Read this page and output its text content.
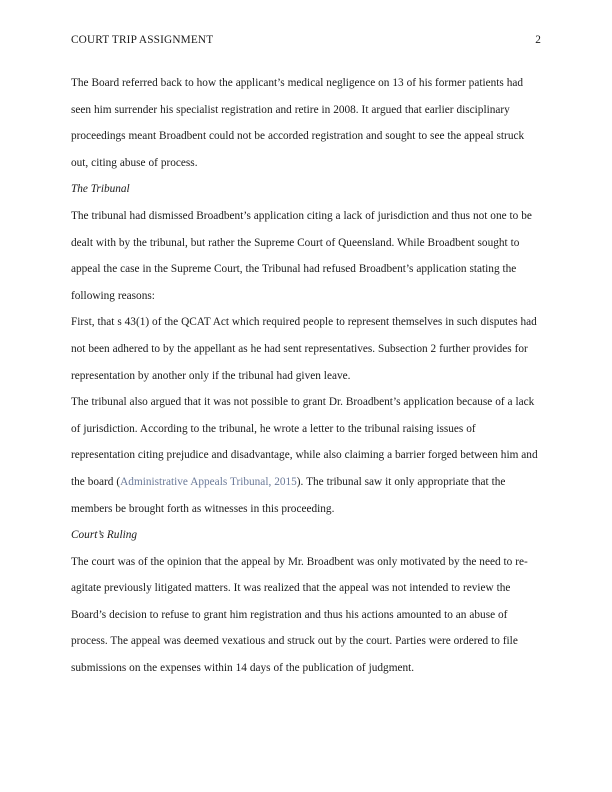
COURT TRIP ASSIGNMENT	2

The Board referred back to how the applicant’s medical negligence on 13 of his former patients had seen him surrender his specialist registration and retire in 2008. It argued that earlier disciplinary proceedings meant Broadbent could not be accorded registration and sought to see the appeal struck out, citing abuse of process.

The Tribunal

The tribunal had dismissed Broadbent’s application citing a lack of jurisdiction and thus not one to be dealt with by the tribunal, but rather the Supreme Court of Queensland. While Broadbent sought to appeal the case in the Supreme Court, the Tribunal had refused Broadbent’s application stating the following reasons:

First, that s 43(1) of the QCAT Act which required people to represent themselves in such disputes had not been adhered to by the appellant as he had sent representatives. Subsection 2 further provides for representation by another only if the tribunal had given leave.

The tribunal also argued that it was not possible to grant Dr. Broadbent’s application because of a lack of jurisdiction. According to the tribunal, he wrote a letter to the tribunal raising issues of representation citing prejudice and disadvantage, while also claiming a barrier forged between him and the board (Administrative Appeals Tribunal, 2015). The tribunal saw it only appropriate that the members be brought forth as witnesses in this proceeding.

Court’s Ruling

The court was of the opinion that the appeal by Mr. Broadbent was only motivated by the need to re-agitate previously litigated matters. It was realized that the appeal was not intended to review the Board’s decision to refuse to grant him registration and thus his actions amounted to an abuse of process. The appeal was deemed vexatious and struck out by the court. Parties were ordered to file submissions on the expenses within 14 days of the publication of judgment.
